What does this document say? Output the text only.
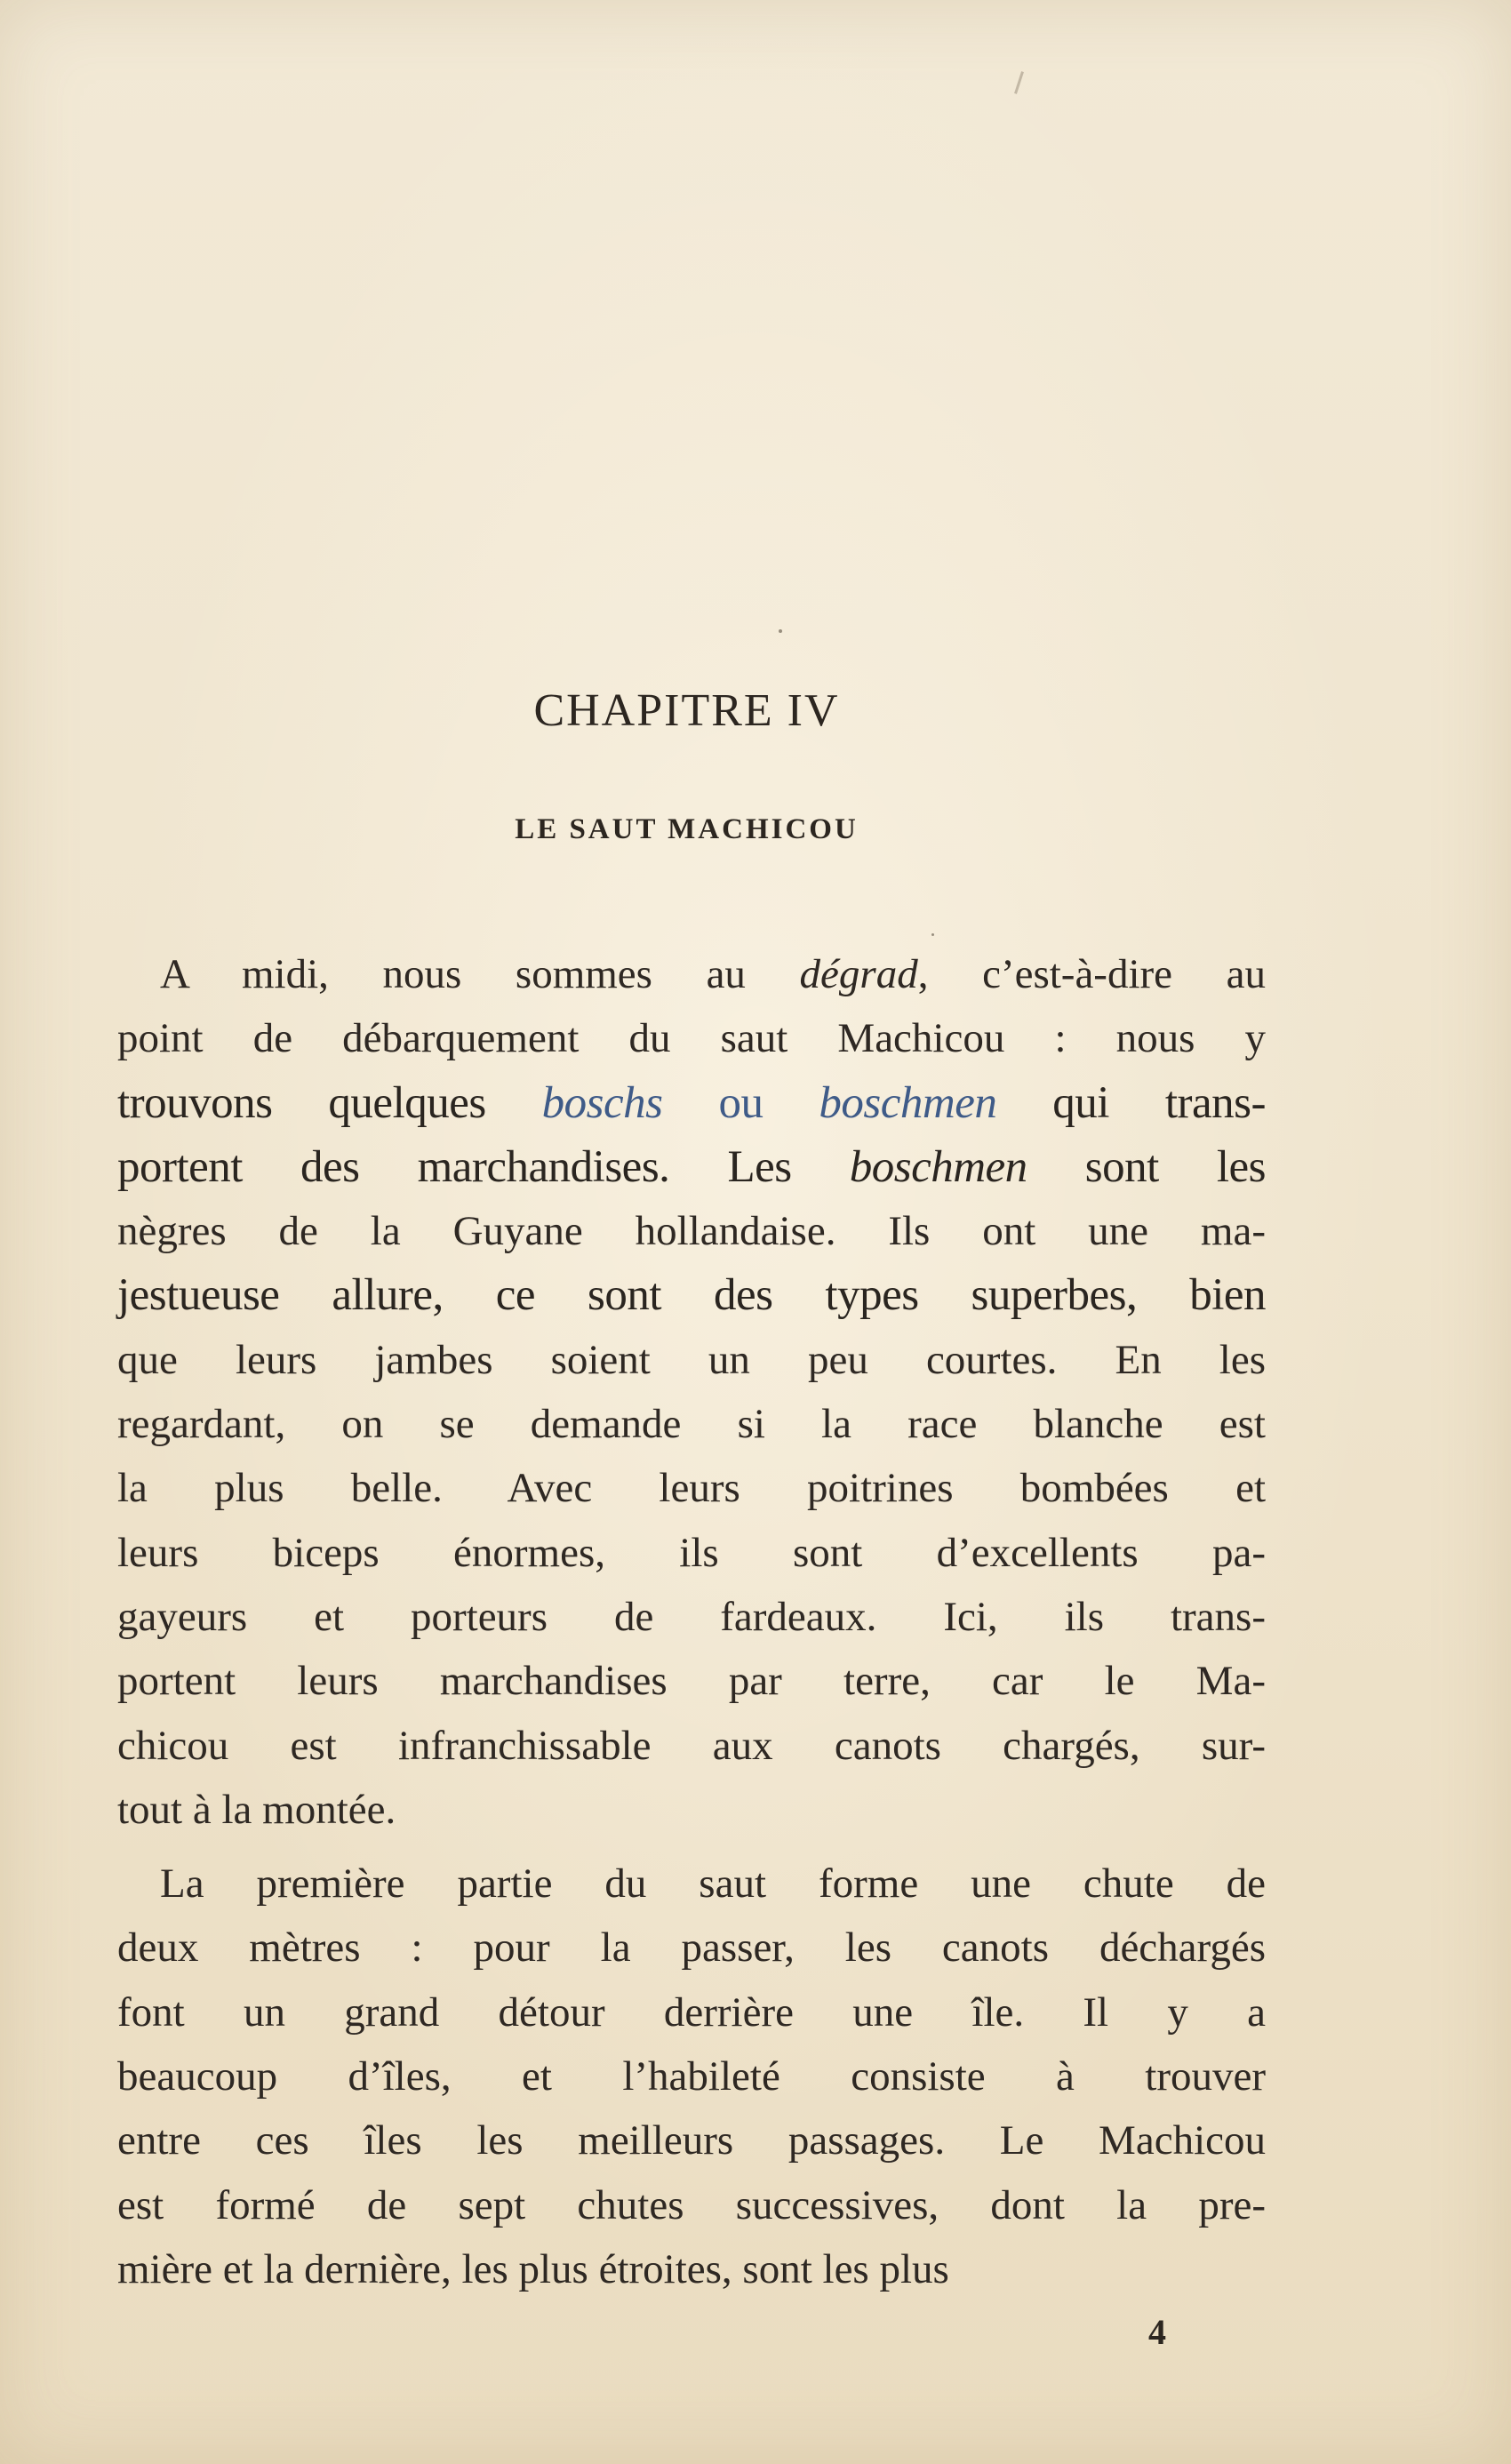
CHAPITRE IV
LE SAUT MACHICOU
A midi, nous sommes au dégrad, c’est-à-dire au
point de débarquement du saut Machicou : nous y
trouvons quelques boschs ou boschmen qui trans-
portent des marchandises. Les boschmen sont les
nègres de la Guyane hollandaise. Ils ont une ma-
jestueuse allure, ce sont des types superbes, bien
que leurs jambes soient un peu courtes. En les
regardant, on se demande si la race blanche est
la plus belle. Avec leurs poitrines bombées et
leurs biceps énormes, ils sont d’excellents pa-
gayeurs et porteurs de fardeaux. Ici, ils trans-
portent leurs marchandises par terre, car le Ma-
chicou est infranchissable aux canots chargés, sur-
tout à la montée.
La première partie du saut forme une chute de
deux mètres : pour la passer, les canots déchargés
font un grand détour derrière une île. Il y a
beaucoup d’îles, et l’habileté consiste à trouver
entre ces îles les meilleurs passages. Le Machicou
est formé de sept chutes successives, dont la pre-
mière et la dernière, les plus étroites, sont les plus
4
